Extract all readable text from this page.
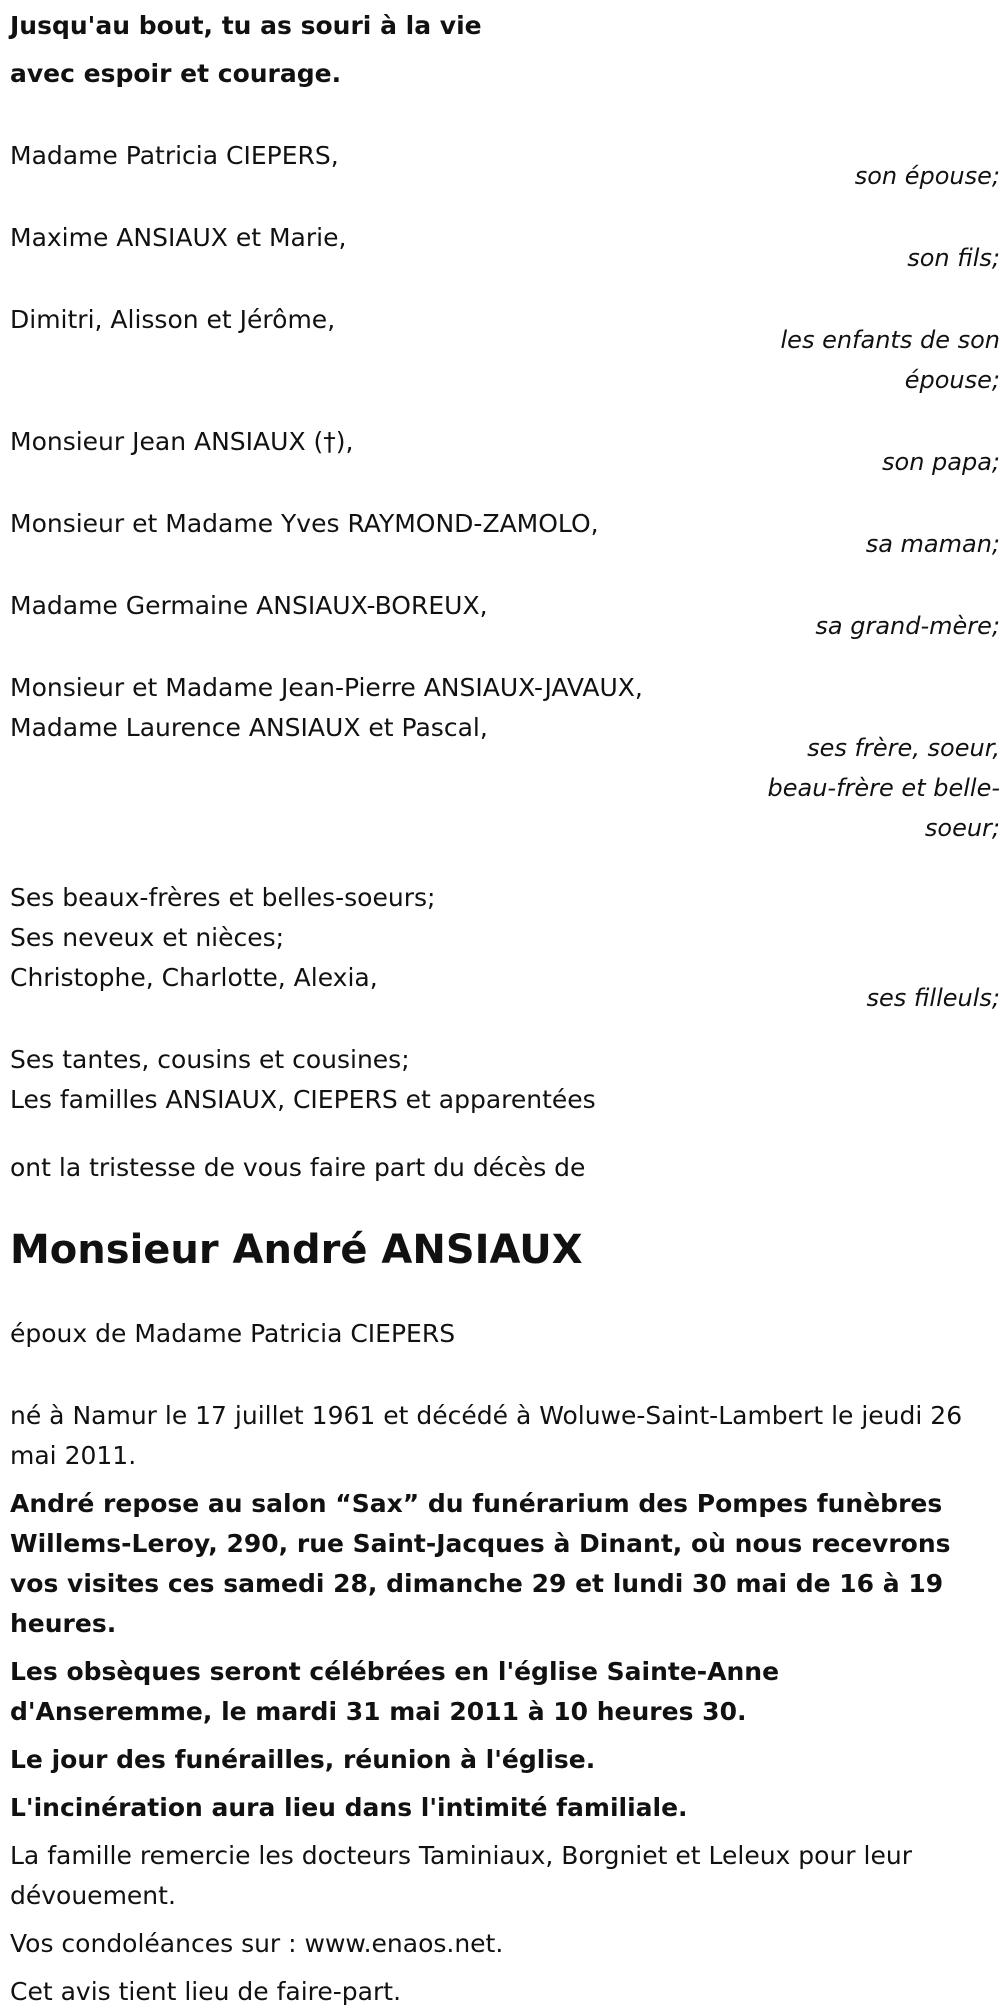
Jusqu'au bout, tu as souri à la vie
avec espoir et courage.
Madame Patricia CIEPERS,
son épouse;
Maxime ANSIAUX et Marie,
son fils;
Dimitri, Alisson et Jérôme,
les enfants de son épouse;
Monsieur Jean ANSIAUX (†),
son papa;
Monsieur et Madame Yves RAYMOND-ZAMOLO,
sa maman;
Madame Germaine ANSIAUX-BOREUX,
sa grand-mère;
Monsieur et Madame Jean-Pierre ANSIAUX-JAVAUX,
Madame Laurence ANSIAUX et Pascal,
ses frère, soeur, beau-frère et belle-soeur;
Ses beaux-frères et belles-soeurs;
Ses neveux et nièces;
Christophe, Charlotte, Alexia,
ses filleuls;
Ses tantes, cousins et cousines;
Les familles ANSIAUX, CIEPERS et apparentées
ont la tristesse de vous faire part du décès de
Monsieur André ANSIAUX
époux de Madame Patricia CIEPERS
né à Namur le 17 juillet 1961 et décédé à Woluwe-Saint-Lambert le jeudi 26 mai 2011.
André repose au salon “Sax” du funérarium des Pompes funèbres Willems-Leroy, 290, rue Saint-Jacques à Dinant, où nous recevrons vos visites ces samedi 28, dimanche 29 et lundi 30 mai de 16 à 19 heures.
Les obsèques seront célébrées en l'église Sainte-Anne d'Anseremme, le mardi 31 mai 2011 à 10 heures 30.
Le jour des funérailles, réunion à l'église.
L'incinération aura lieu dans l'intimité familiale.
La famille remercie les docteurs Taminiaux, Borgniet et Leleux pour leur dévouement.
Vos condoléances sur : www.enaos.net.
Cet avis tient lieu de faire-part.
